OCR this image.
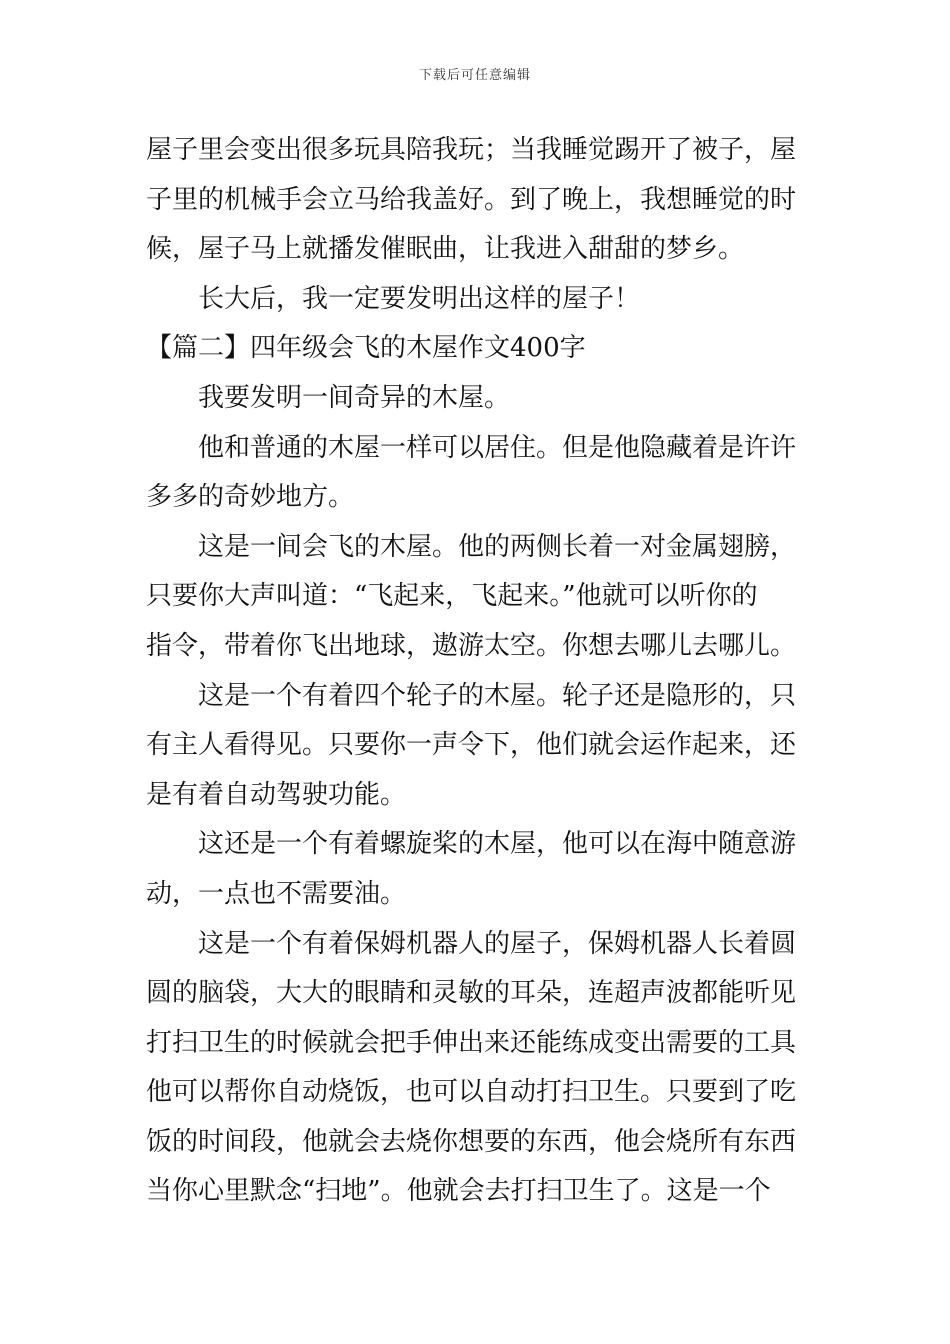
下载后可任意编辑
屋子里会变出很多玩具陪我玩；当我睡觉踢开了被子，屋
子里的机械手会立马给我盖好。到了晚上，我想睡觉的时
候，屋子马上就播发催眠曲，让我进入甜甜的梦乡。
长大后，我一定要发明出这样的屋子！
【篇二】四年级会飞的木屋作文400字
我要发明一间奇异的木屋。
他和普通的木屋一样可以居住。但是他隐藏着是许许
多多的奇妙地方。
这是一间会飞的木屋。他的两侧长着一对金属翅膀，
只要你大声叫道：“飞起来，飞起来。”他就可以听你的
指令，带着你飞出地球，遨游太空。你想去哪儿去哪儿。
这是一个有着四个轮子的木屋。轮子还是隐形的，只
有主人看得见。只要你一声令下，他们就会运作起来，还
是有着自动驾驶功能。
这还是一个有着螺旋桨的木屋，他可以在海中随意游
动，一点也不需要油。
这是一个有着保姆机器人的屋子，保姆机器人长着圆
圆的脑袋，大大的眼睛和灵敏的耳朵，连超声波都能听见
打扫卫生的时候就会把手伸出来还能练成变出需要的工具
他可以帮你自动烧饭，也可以自动打扫卫生。只要到了吃
饭的时间段，他就会去烧你想要的东西，他会烧所有东西
当你心里默念“扫地”。他就会去打扫卫生了。这是一个
